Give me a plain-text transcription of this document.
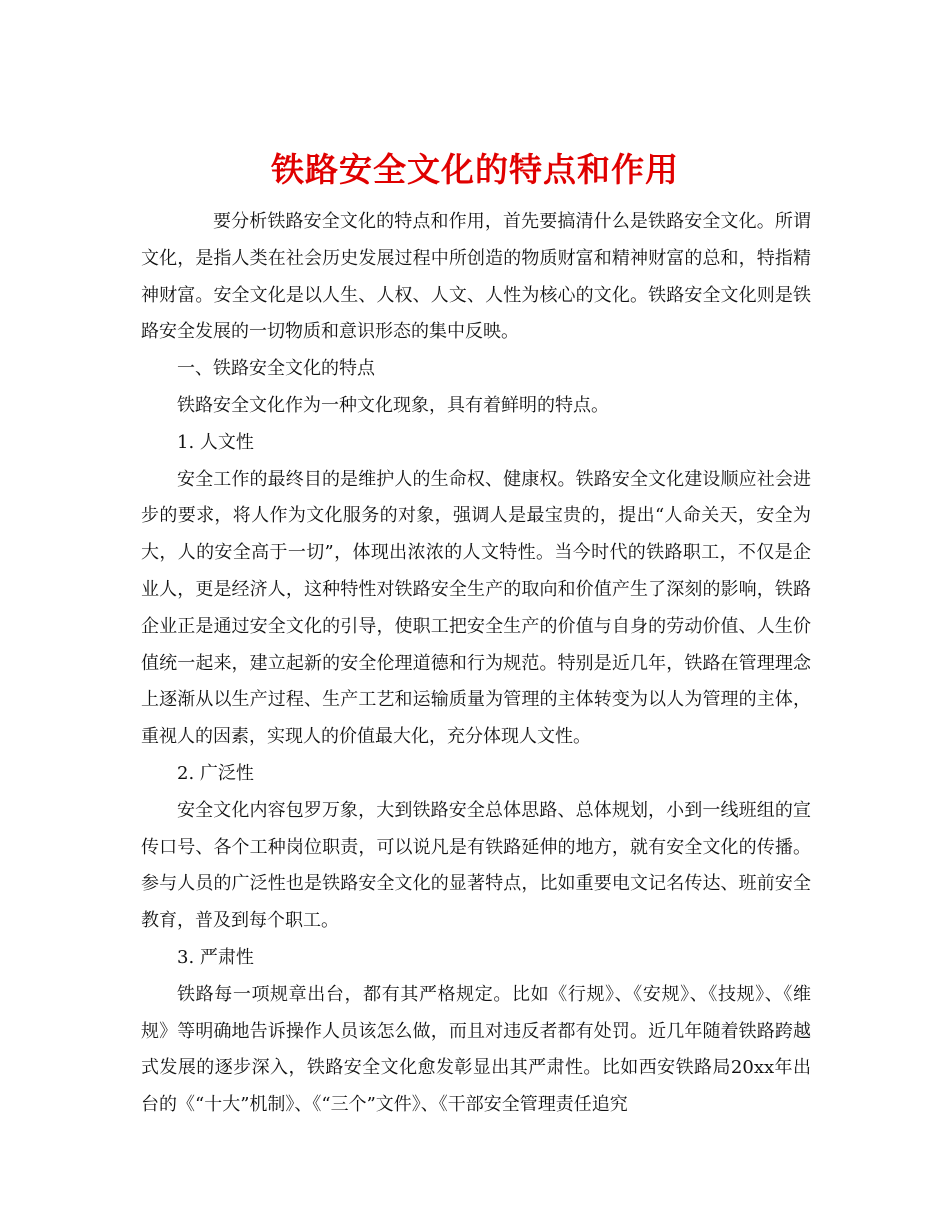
铁路安全文化的特点和作用

要分析铁路安全文化的特点和作用，首先要搞清什么是铁路安全文化。所谓文化，是指人类在社会历史发展过程中所创造的物质财富和精神财富的总和，特指精神财富。安全文化是以人生、人权、人文、人性为核心的文化。铁路安全文化则是铁路安全发展的一切物质和意识形态的集中反映。

一、铁路安全文化的特点

铁路安全文化作为一种文化现象，具有着鲜明的特点。

1. 人文性

安全工作的最终目的是维护人的生命权、健康权。铁路安全文化建设顺应社会进步的要求，将人作为文化服务的对象，强调人是最宝贵的，提出“人命关天，安全为大，人的安全高于一切”，体现出浓浓的人文特性。当今时代的铁路职工，不仅是企业人，更是经济人，这种特性对铁路安全生产的取向和价值产生了深刻的影响，铁路企业正是通过安全文化的引导，使职工把安全生产的价值与自身的劳动价值、人生价值统一起来，建立起新的安全伦理道德和行为规范。特别是近几年，铁路在管理理念上逐渐从以生产过程、生产工艺和运输质量为管理的主体转变为以人为管理的主体，重视人的因素，实现人的价值最大化，充分体现人文性。

2. 广泛性

安全文化内容包罗万象，大到铁路安全总体思路、总体规划，小到一线班组的宣传口号、各个工种岗位职责，可以说凡是有铁路延伸的地方，就有安全文化的传播。参与人员的广泛性也是铁路安全文化的显著特点，比如重要电文记名传达、班前安全教育，普及到每个职工。

3. 严肃性

铁路每一项规章出台，都有其严格规定。比如《行规》、《安规》、《技规》、《维规》等明确地告诉操作人员该怎么做，而且对违反者都有处罚。近几年随着铁路跨越式发展的逐步深入，铁路安全文化愈发彰显出其严肃性。比如西安铁路局20xx年出台的《“十大”机制》、《“三个”文件》、《干部安全管理责任追究
